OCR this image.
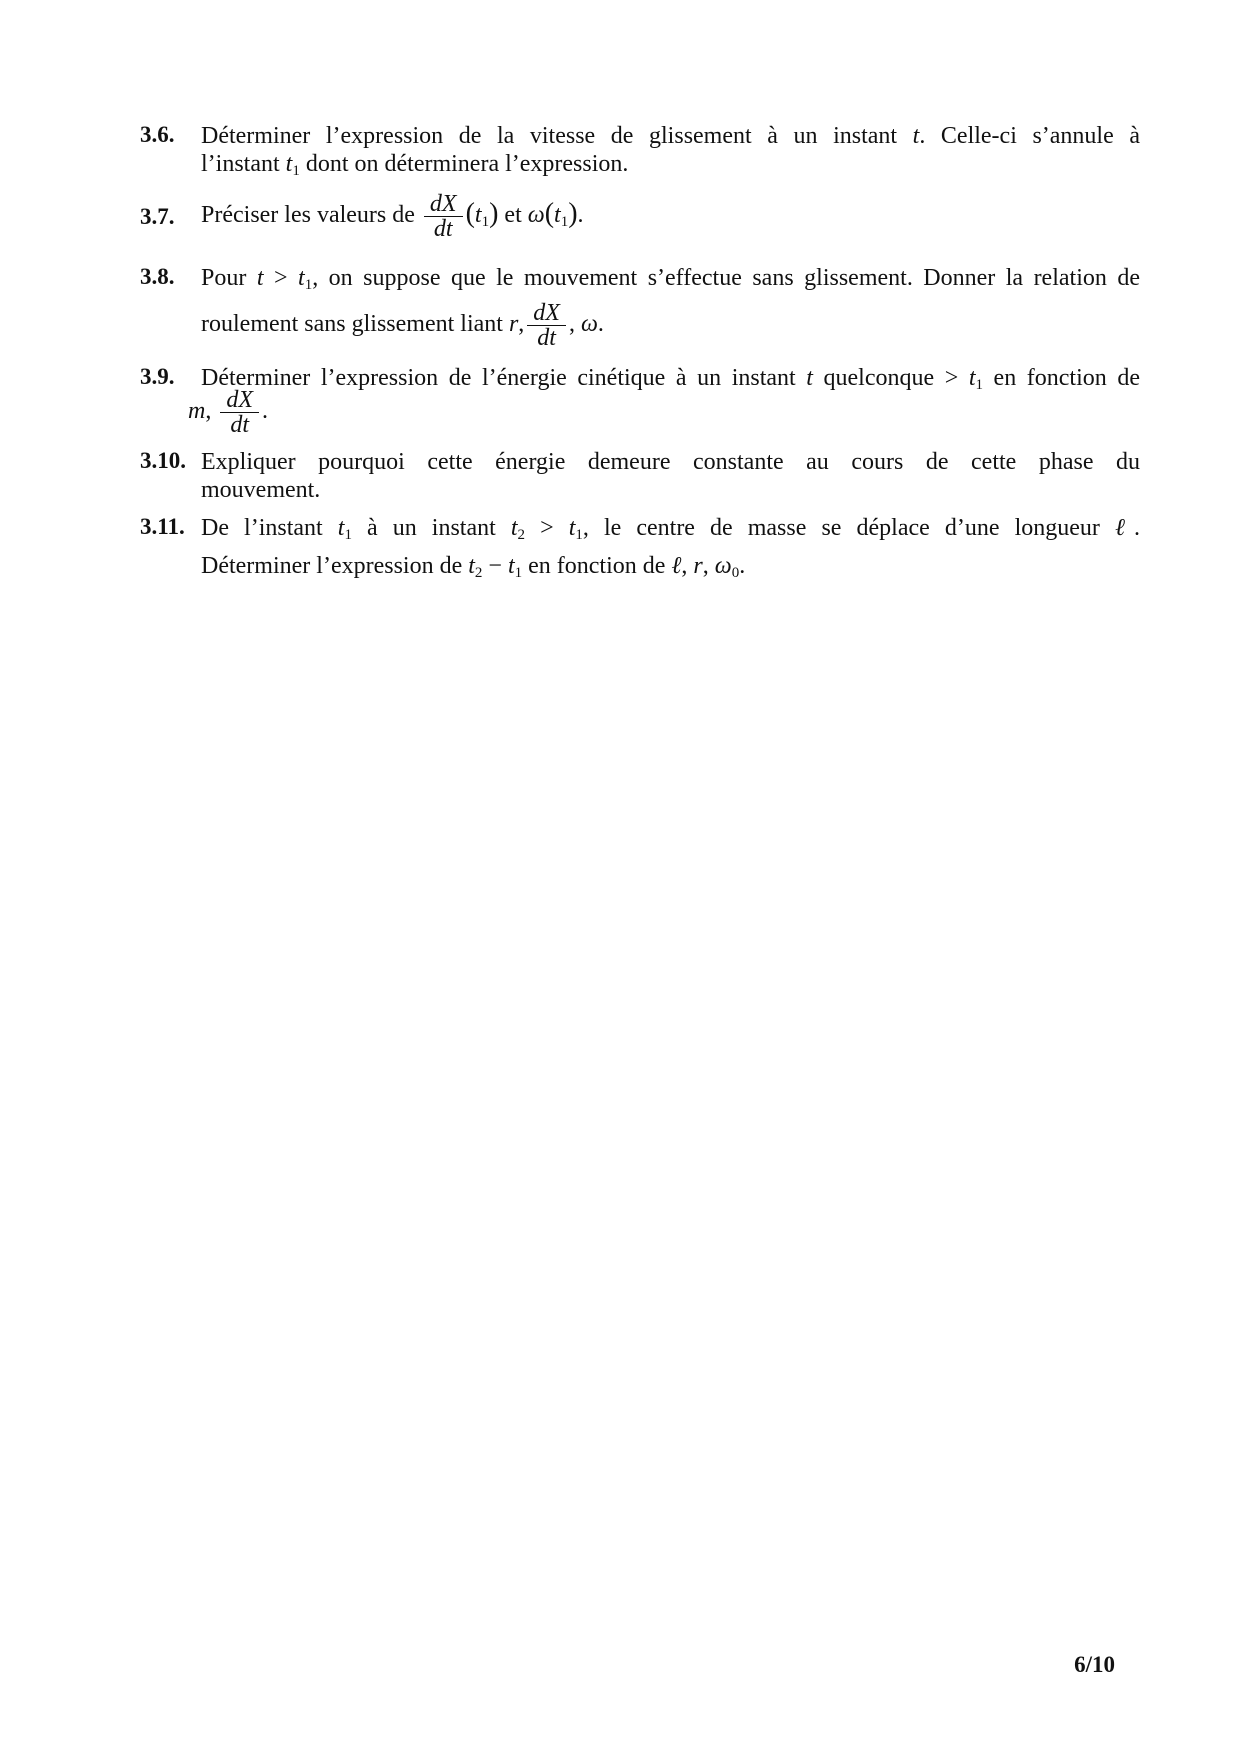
3.6. Déterminer l’expression de la vitesse de glissement à un instant t. Celle-ci s’annule à
l’instant $t_1$ dont on déterminera l’expression.
3.7. Préciser les valeurs de $\frac{dX}{dt} (t_1)$ et $\omega(t_1)$.
3.8. Pour $t > t_1$, on suppose que le mouvement s’effectue sans glissement. Donner la relation de
roulement sans glissement liant r, $\frac{dX}{dt}$ , ω.
3.9. Déterminer l’expression de l’énergie cinétique à un instant t quelconque > $t_1$ en fonction de
m, $\frac{dX}{dt}$ .
3.10. Expliquer pourquoi cette énergie demeure constante au cours de cette phase du
mouvement.
3.11. De l’instant $t_1$ à un instant $t_2 > t_1$, le centre de masse se déplace d’une longueur ℓ.
Déterminer l’expression de $t_2 - t_1$ en fonction de ℓ, r, $\omega_0$.
6/10
